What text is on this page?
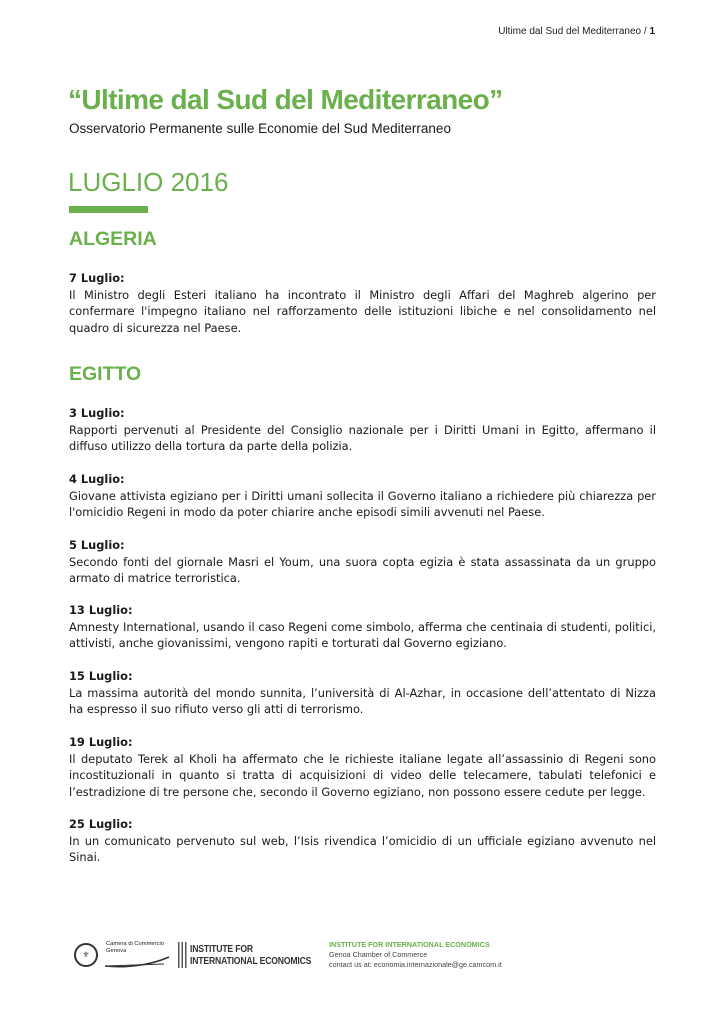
Ultime dal Sud del Mediterraneo / 1
“Ultime dal Sud del Mediterraneo”
Osservatorio Permanente sulle Economie del Sud Mediterraneo
LUGLIO 2016
ALGERIA
7 Luglio:
Il Ministro degli Esteri italiano ha incontrato il Ministro degli Affari del Maghreb algerino per confermare l'impegno italiano nel rafforzamento delle istituzioni libiche e nel consolidamento nel quadro di sicurezza nel Paese.
EGITTO
3 Luglio:
Rapporti pervenuti al Presidente del Consiglio nazionale per i Diritti Umani in Egitto, affermano il diffuso utilizzo della tortura da parte della polizia.
4 Luglio:
Giovane attivista egiziano per i Diritti umani sollecita il Governo italiano a richiedere più chiarezza per l'omicidio Regeni in modo da poter chiarire anche episodi simili avvenuti nel Paese.
5 Luglio:
Secondo fonti del giornale Masri el Youm, una suora copta egizia è stata assassinata da un gruppo armato di matrice terroristica.
13 Luglio:
Amnesty International, usando il caso Regeni come simbolo, afferma che centinaia di studenti, politici, attivisti, anche giovanissimi, vengono rapiti e torturati dal Governo egiziano.
15 Luglio:
La massima autorità del mondo sunnita, l’università di Al-Azhar, in occasione dell’attentato di Nizza ha espresso il suo rifiuto verso gli atti di terrorismo.
19 Luglio:
Il deputato Terek al Kholi ha affermato che le richieste italiane legate all’assassinio di Regeni sono incostituzionali in quanto si tratta di acquisizioni di video delle telecamere, tabulati telefonici e l’estradizione di tre persone che, secondo il Governo egiziano, non possono essere cedute per legge.
25 Luglio:
In un comunicato pervenuto sul web, l’Isis rivendica l’omicidio di un ufficiale egiziano avvenuto nel Sinai.
⚜
Camera di Commercio
Genova	INSTITUTE FOR
INTERNATIONAL ECONOMICS
INSTITUTE FOR INTERNATIONAL ECONOMICS
Genoa Chamber of Commerce
contact us at: economia.internazionale@ge.camcom.it
